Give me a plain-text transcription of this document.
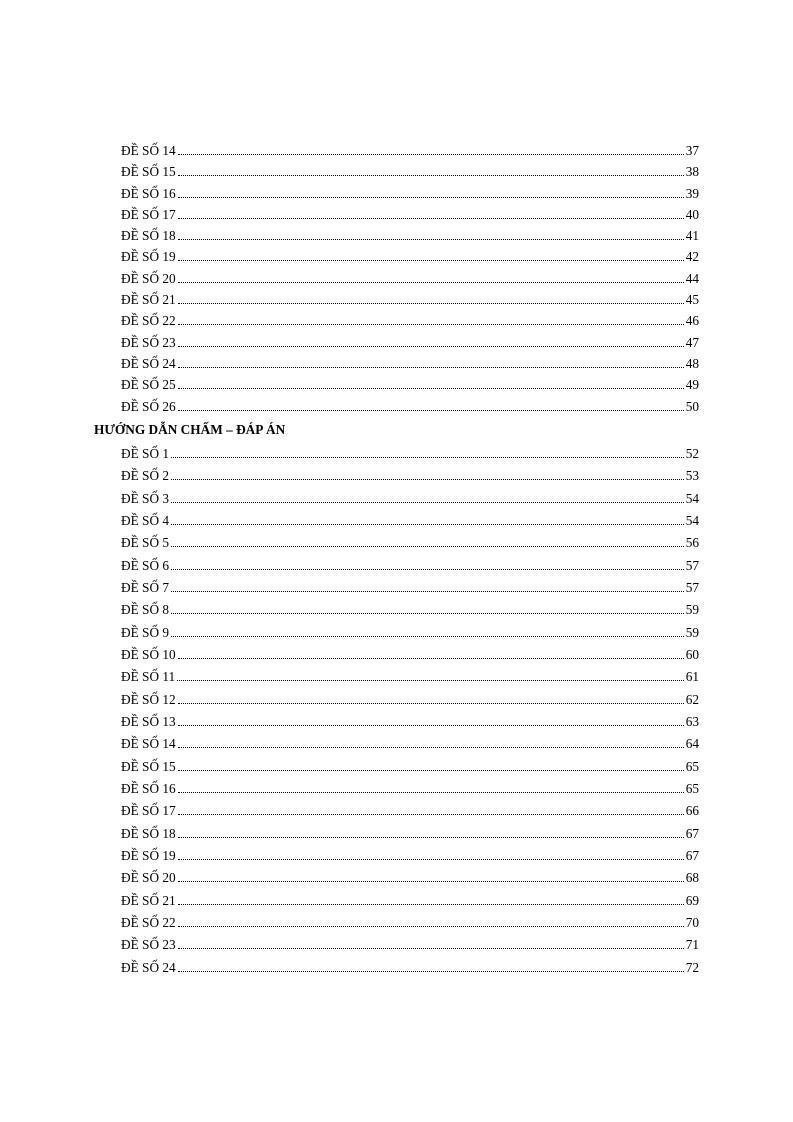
ĐỀ SỐ 14	37
ĐỀ SỐ 15	38
ĐỀ SỐ 16	39
ĐỀ SỐ 17	40
ĐỀ SỐ 18	41
ĐỀ SỐ 19	42
ĐỀ SỐ 20	44
ĐỀ SỐ 21	45
ĐỀ SỐ 22	46
ĐỀ SỐ 23	47
ĐỀ SỐ 24	48
ĐỀ SỐ 25	49
ĐỀ SỐ 26	50
HƯỚNG DẪN CHẤM – ĐÁP ÁN
ĐỀ SỐ 1	52
ĐỀ SỐ 2	53
ĐỀ SỐ 3	54
ĐỀ SỐ 4	54
ĐỀ SỐ 5	56
ĐỀ SỐ 6	57
ĐỀ SỐ 7	57
ĐỀ SỐ 8	59
ĐỀ SỐ 9	59
ĐỀ SỐ 10	60
ĐỀ SỐ 11	61
ĐỀ SỐ 12	62
ĐỀ SỐ 13	63
ĐỀ SỐ 14	64
ĐỀ SỐ 15	65
ĐỀ SỐ 16	65
ĐỀ SỐ 17	66
ĐỀ SỐ 18	67
ĐỀ SỐ 19	67
ĐỀ SỐ 20	68
ĐỀ SỐ 21	69
ĐỀ SỐ 22	70
ĐỀ SỐ 23	71
ĐỀ SỐ 24	72
